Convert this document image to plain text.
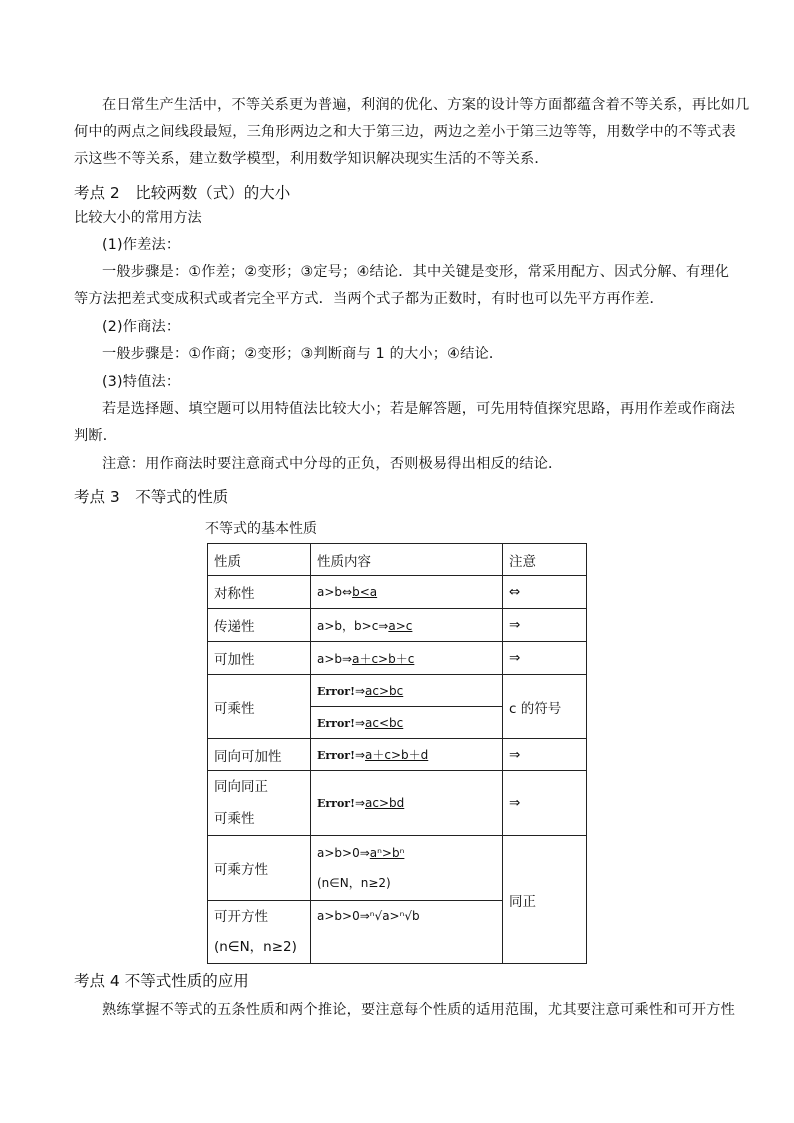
在日常生产生活中，不等关系更为普遍，利润的优化、方案的设计等方面都蕴含着不等关系，再比如几

何中的两点之间线段最短，三角形两边之和大于第三边，两边之差小于第三边等等，用数学中的不等式表

示这些不等关系，建立数学模型，利用数学知识解决现实生活的不等关系．

考点 2　比较两数（式）的大小

比较大小的常用方法

(1)作差法：

一般步骤是：①作差；②变形；③定号；④结论．其中关键是变形，常采用配方、因式分解、有理化

等方法把差式变成积式或者完全平方式．当两个式子都为正数时，有时也可以先平方再作差．

(2)作商法：

一般步骤是：①作商；②变形；③判断商与 1 的大小；④结论．

(3)特值法：

若是选择题、填空题可以用特值法比较大小；若是解答题，可先用特值探究思路，再用作差或作商法

判断．

注意：用作商法时要注意商式中分母的正负，否则极易得出相反的结论．

考点 3　不等式的性质

不等式的基本性质

性质	性质内容	注意
对称性	a>b⇔b<a	⇔
传递性	a>b，b>c⇒a>c	⇒
可加性	a>b⇒a＋c>b＋c	⇒
可乘性	Error!⇒ac>bc	c 的符号
	Error!⇒ac<bc	
同向可加性	Error!⇒a＋c>b＋d	⇒

同向同正
可乘性	Error!⇒ac>bd	⇒
可乘方性	a>b>0⇒aⁿ>bⁿ
(n∈N，n≥2)	同正

可开方性
(n∈N，n≥2)	a>b>0⇒ⁿ√a>ⁿ√b	

考点 4 不等式性质的应用

熟练掌握不等式的五条性质和两个推论，要注意每个性质的适用范围，尤其要注意可乘性和可开方性
